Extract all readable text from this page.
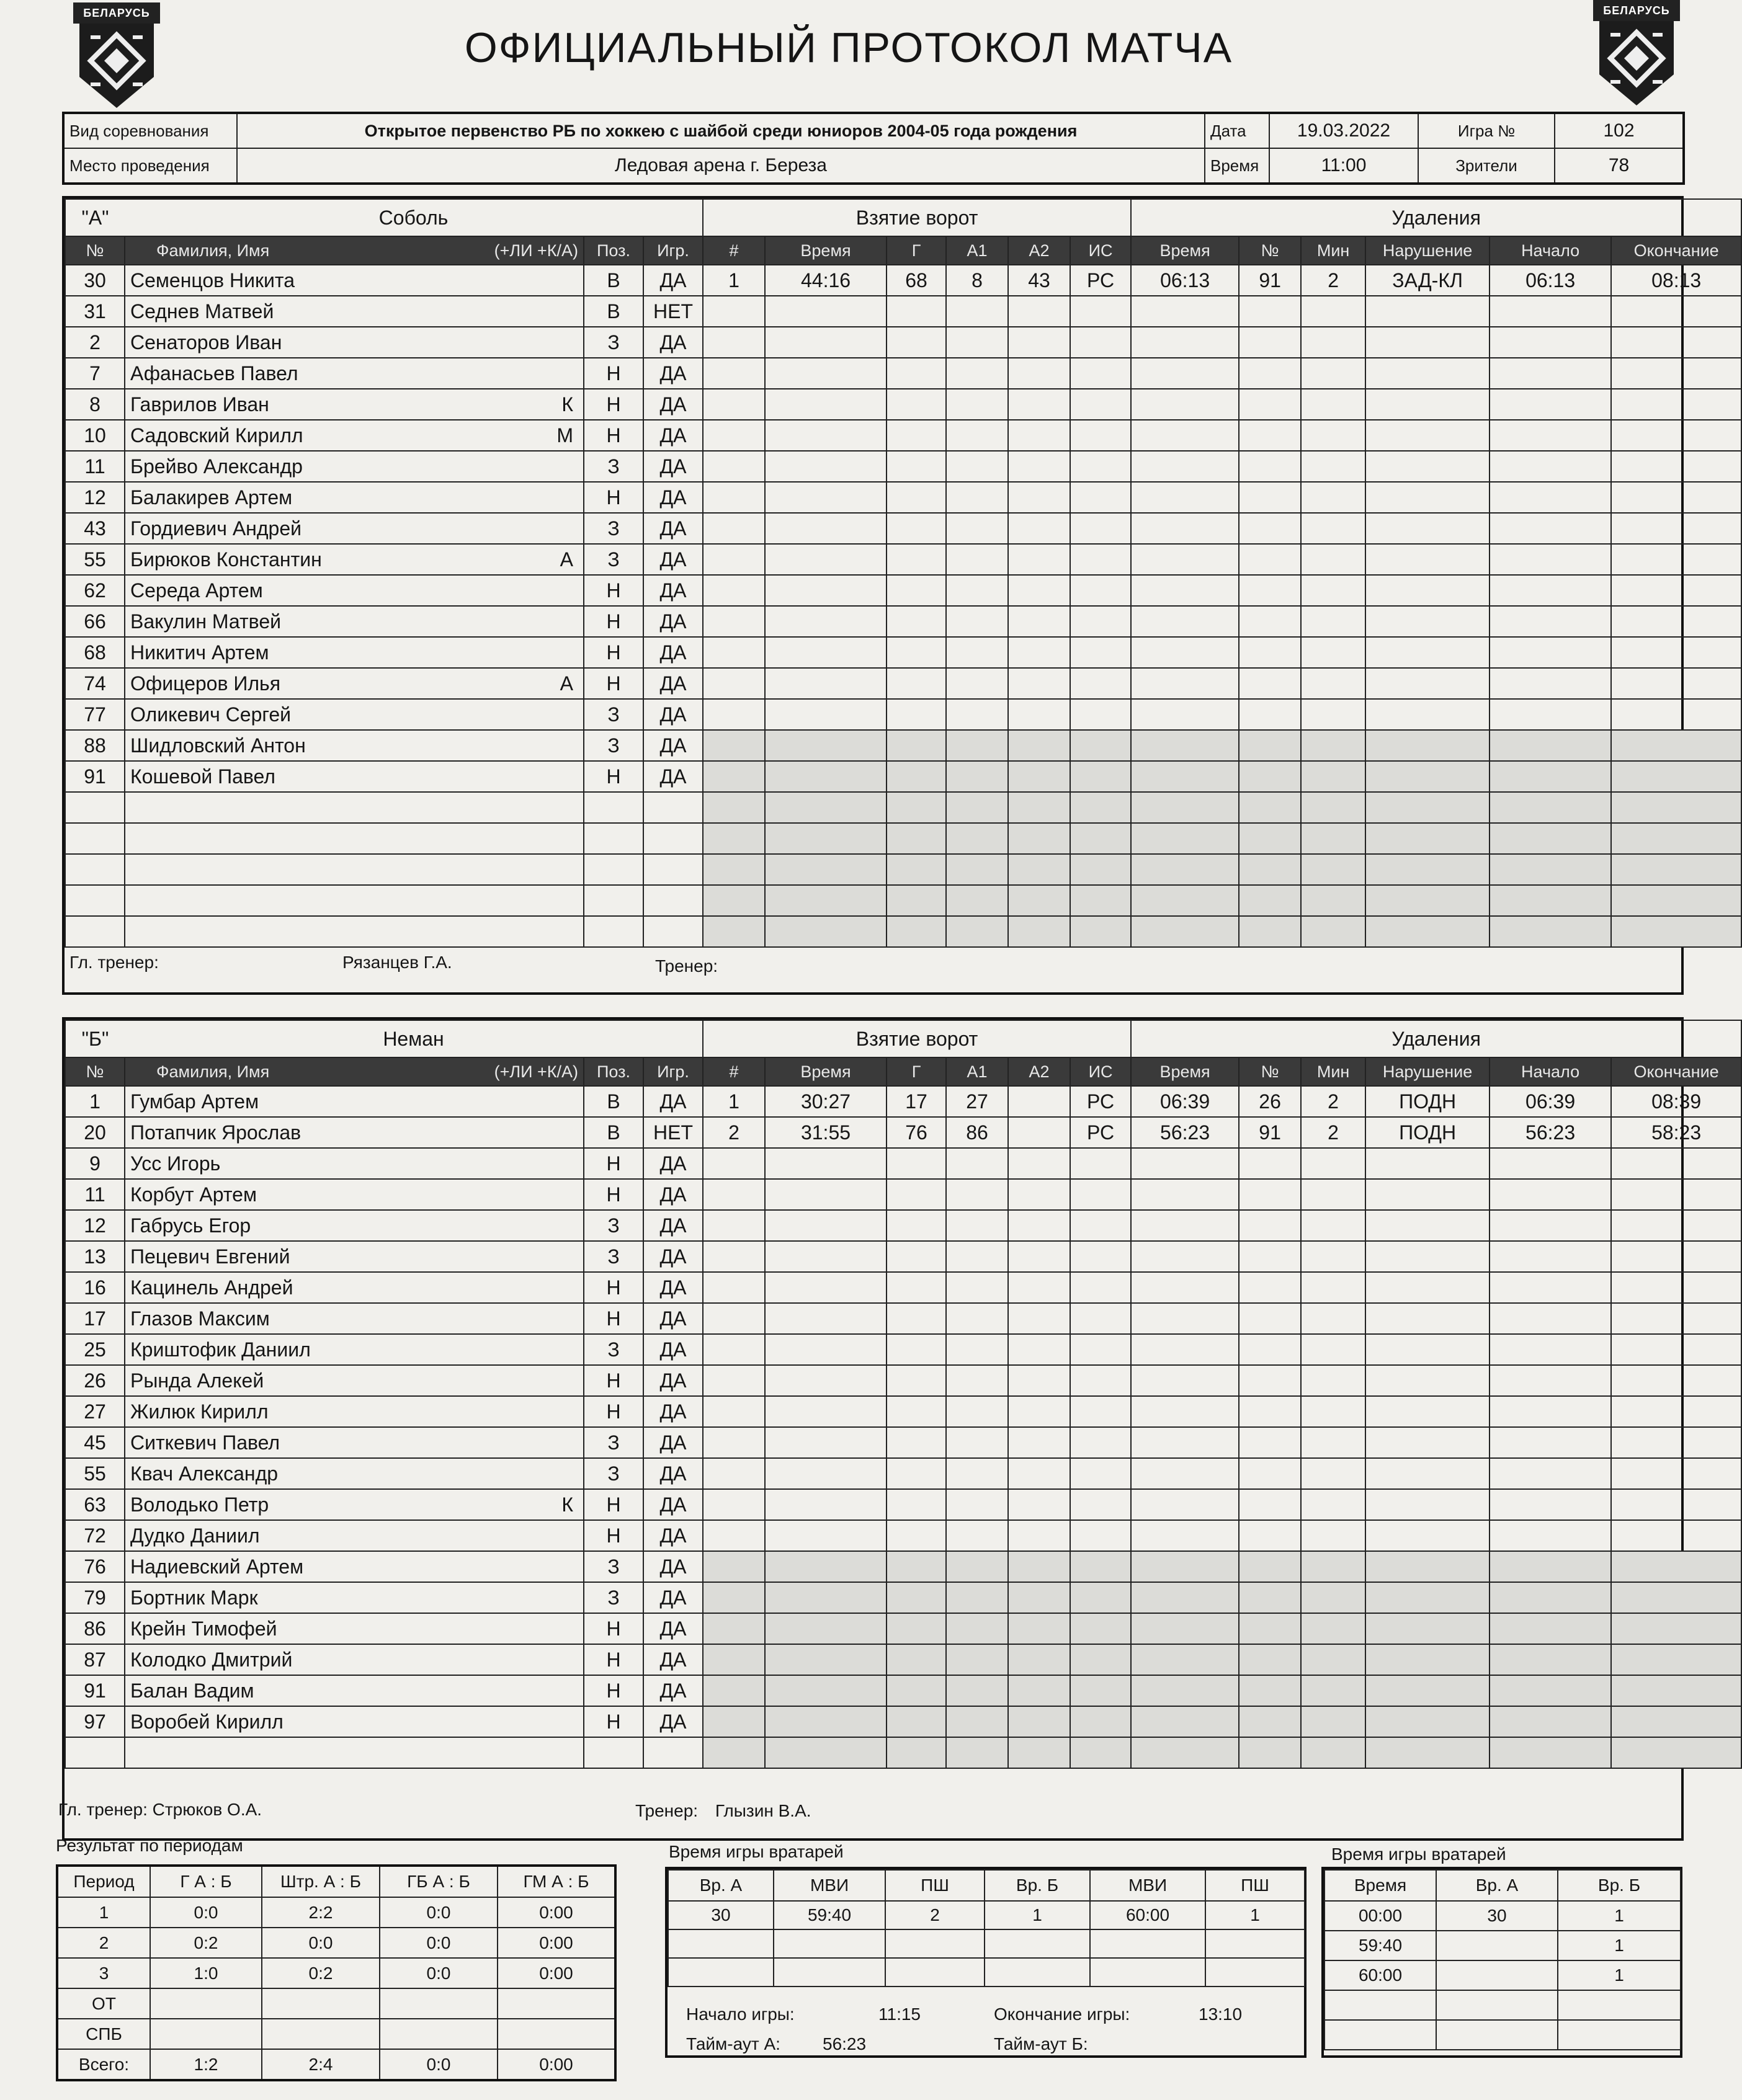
БЕЛАРУСЬ	БЕЛАРУСЬ
ОФИЦИАЛЬНЫЙ ПРОТОКОЛ МАТЧА
Вид соревнования	Открытое первенство РБ по хоккею с шайбой среди юниоров 2004-05 года рождения	Дата	19.03.2022	Игра №	102
Место проведения	Ледовая арена г. Береза	Время	11:00	Зрители	78
"А"	Соболь			Взятие ворот						Удаления					
№	Фамилия, Имя (+ЛИ +К/А)	Поз.	Игр.	#	Время	Г	А1	А2	ИС	Время	№	Мин	Нарушение	Начало	Окончание
30	Семенцов Никита	В	ДА	1	44:16	68	8	43	РС	06:13	91	2	ЗАД-КЛ	06:13	08:13
31	Седнев Матвей	В	НЕТ												
2	Сенаторов Иван	З	ДА												
7	Афанасьев Павел	Н	ДА												
8	Гаврилов Иван К	Н	ДА												
10	Садовский Кирилл М	Н	ДА												
11	Брейво Александр	З	ДА												
12	Балакирев Артем	Н	ДА												
43	Гордиевич Андрей	З	ДА												
55	Бирюков Константин А	З	ДА												
62	Середа Артем	Н	ДА												
66	Вакулин Матвей	Н	ДА												
68	Никитич Артем	Н	ДА												
74	Офицеров Илья А	Н	ДА												
77	Оликевич Сергей	З	ДА												
88	Шидловский Антон	З	ДА												
91	Кошевой Павел	Н	ДА												

Гл. тренер:	Рязанцев Г.А.	Тренер:
"Б"	Неман			Взятие ворот						Удаления					
№	Фамилия, Имя (+ЛИ +К/А)	Поз.	Игр.	#	Время	Г	А1	А2	ИС	Время	№	Мин	Нарушение	Начало	Окончание
1	Гумбар Артем	В	ДА	1	30:27	17	27		РС	06:39	26	2	ПОДН	06:39	08:39
20	Потапчик Ярослав	В	НЕТ	2	31:55	76	86		РС	56:23	91	2	ПОДН	56:23	58:23
9	Усс Игорь	Н	ДА												
11	Корбут Артем	Н	ДА												
12	Габрусь Егор	З	ДА												
13	Пецевич Евгений	З	ДА												
16	Кацинель Андрей	Н	ДА												
17	Глазов Максим	Н	ДА												
25	Криштофик Даниил	З	ДА												
26	Рында Алекей	Н	ДА												
27	Жилюк Кирилл	Н	ДА												
45	Ситкевич Павел	З	ДА												
55	Квач Александр	З	ДА												
63	Володько Петр К	Н	ДА												
72	Дудко Даниил	Н	ДА												
76	Надиевский Артем	З	ДА												
79	Бортник Марк	З	ДА												
86	Крейн Тимофей	Н	ДА												
87	Колодко Дмитрий	Н	ДА												
91	Балан Вадим	Н	ДА												
97	Воробей Кирилл	Н	ДА												

Гл. тренер: Стрюков О.А.	Тренер: Глызин В.А.
Результат по периодам
Период	Г А : Б	Штр. А : Б	ГБ А : Б	ГМ А : Б
1	0:0	2:2	0:0	0:00
2	0:2	0:0	0:0	0:00
3	1:0	0:2	0:0	0:00
ОТ				
СПБ				
Всего:	1:2	2:4	0:0	0:00
Время игры вратарей
Вр. А	МВИ	ПШ	Вр. Б	МВИ	ПШ
30	59:40	2	1	60:00	1

Начало игры:	11:15	Окончание игры:	13:10
Тайм-аут А: 56:23	Тайм-аут Б:
Время игры вратарей
Время	Вр. А	Вр. Б
00:00	30	1
59:40		1
60:00		1
